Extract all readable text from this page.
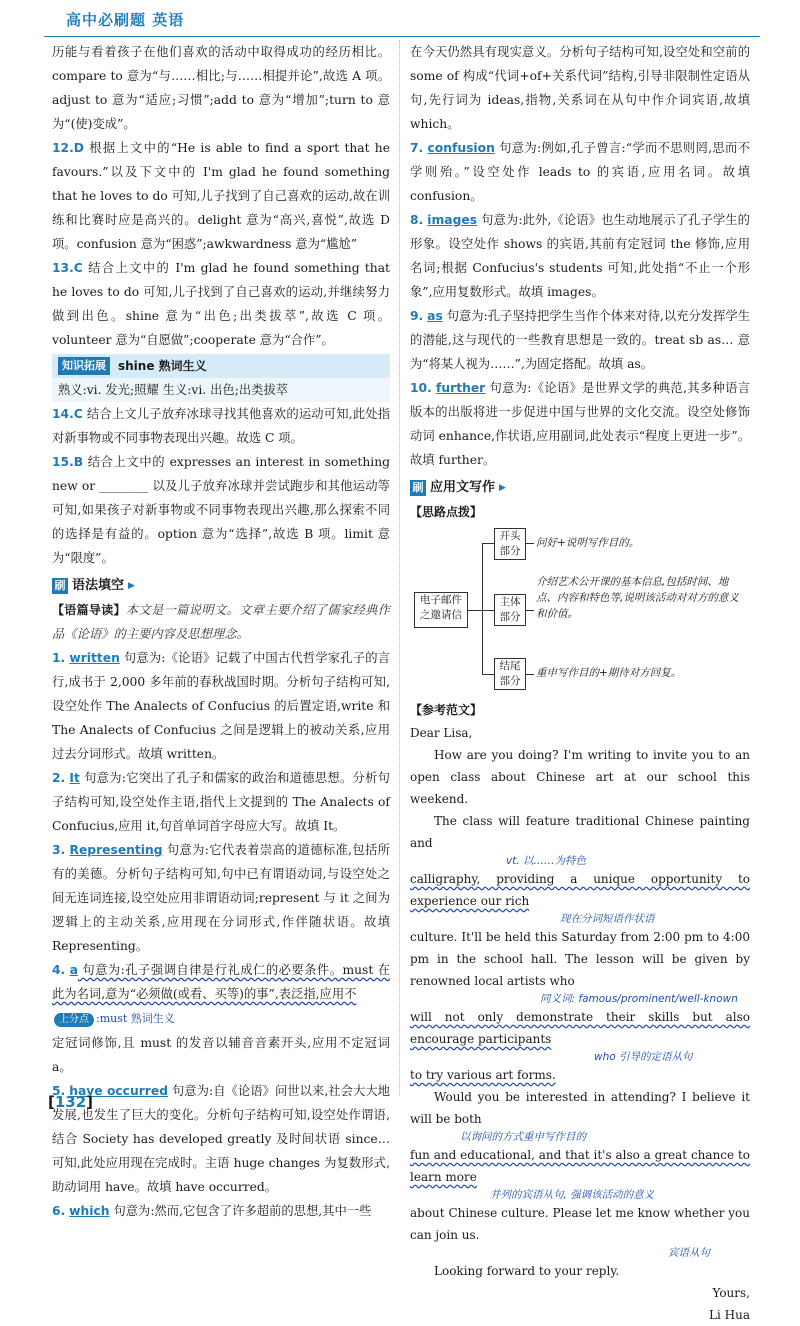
高中必刷题 英语

历能与看着孩子在他们喜欢的活动中取得成功的经历相比。compare to 意为“与……相比;与……相提并论”,故选 A 项。adjust to 意为“适应;习惯”;add to 意为“增加”;turn to 意为“(使)变成”。

12.D 根据上文中的“He is able to find a sport that he favours.”以及下文中的 I'm glad he found something that he loves to do 可知,儿子找到了自己喜欢的运动,故在训练和比赛时应是高兴的。delight 意为“高兴,喜悦”,故选 D 项。confusion 意为“困惑”;awkwardness 意为“尴尬”

13.C 结合上文中的 I'm glad he found something that he loves to do 可知,儿子找到了自己喜欢的运动,并继续努力做到出色。shine 意为“出色;出类拔萃”,故选 C 项。volunteer 意为“自愿做”;cooperate 意为“合作”。

知识拓展	shine 熟词生义

熟义:vi. 发光;照耀 生义:vi. 出色;出类拔萃

14.C 结合上文儿子放弃冰球寻找其他喜欢的运动可知,此处指对新事物或不同事物表现出兴趣。故选 C 项。

15.B 结合上文中的 expresses an interest in something new or ________ 以及儿子放弃冰球并尝试跑步和其他运动等可知,如果孩子对新事物或不同事物表现出兴趣,那么探索不同的选择是有益的。option 意为“选择”,故选 B 项。limit 意为“限度”。

刷 语法填空 ▶

【语篇导读】本文是一篇说明文。文章主要介绍了儒家经典作品《论语》的主要内容及思想理念。

1. written 句意为:《论语》记载了中国古代哲学家孔子的言行,成书于 2,000 多年前的春秋战国时期。分析句子结构可知,设空处作 The Analects of Confucius 的后置定语,write 和 The Analects of Confucius 之间是逻辑上的被动关系,应用过去分词形式。故填 written。

2. It 句意为:它突出了孔子和儒家的政治和道德思想。分析句子结构可知,设空处作主语,指代上文提到的 The Analects of Confucius,应用 it,句首单词首字母应大写。故填 It。

3. Representing 句意为:它代表着崇高的道德标准,包括所有的美德。分析句子结构可知,句中已有谓语动词,与设空处之间无连词连接,设空处应用非谓语动词;represent 与 it 之间为逻辑上的主动关系,应用现在分词形式,作伴随状语。故填 Representing。

4. a 句意为:孔子强调自律是行礼成仁的必要条件。must 在此为名词,意为“必须做(或看、买等)的事”,表泛指,应用不
上分点 :must 熟词生义
定冠词修饰,且 must 的发音以辅音音素开头,应用不定冠词 a。

5. have occurred 句意为:自《论语》问世以来,社会大大地发展,也发生了巨大的变化。分析句子结构可知,设空处作谓语,结合 Society has developed greatly 及时间状语 since… 可知,此处应用现在完成时。主语 huge changes 为复数形式,助动词用 have。故填 have occurred。

6. which 句意为:然而,它包含了许多超前的思想,其中一些

在今天仍然具有现实意义。分析句子结构可知,设空处和空前的 some of 构成“代词+of+关系代词”结构,引导非限制性定语从句,先行词为 ideas,指物,关系词在从句中作介词宾语,故填 which。

7. confusion 句意为:例如,孔子曾言:“学而不思则罔,思而不学则殆。”设空处作 leads to 的宾语,应用名词。故填 confusion。

8. images 句意为:此外,《论语》也生动地展示了孔子学生的形象。设空处作 shows 的宾语,其前有定冠词 the 修饰,应用名词;根据 Confucius's students 可知,此处指“不止一个形象”,应用复数形式。故填 images。

9. as 句意为:孔子坚持把学生当作个体来对待,以充分发挥学生的潜能,这与现代的一些教育思想是一致的。treat sb as… 意为“将某人视为……”,为固定搭配。故填 as。

10. further 句意为:《论语》是世界文学的典范,其多种语言版本的出版将进一步促进中国与世界的文化交流。设空处修饰动词 enhance,作状语,应用副词,此处表示“程度上更进一步”。故填 further。

刷 应用文写作 ▶
【思路点拨】
电子邮件之邀请信
开头部分
问好+说明写作目的。
主体部分
介绍艺术公开课的基本信息,包括时间、地点、内容和特色等,说明该活动对对方的意义和价值。
结尾部分
重申写作目的+期待对方回复。
【参考范文】

Dear Lisa,

How are you doing? I'm writing to invite you to an open class about Chinese art at our school this weekend.

The class will feature traditional Chinese painting and

vt. 以……为特色

calligraphy, providing a unique opportunity to experience our rich

现在分词短语作状语

culture. It'll be held this Saturday from 2:00 pm to 4:00 pm in the school hall. The lesson will be given by renowned local artists who

同义词: famous/prominent/well-known

will not only demonstrate their skills but also encourage participants

who 引导的定语从句

to try various art forms.

Would you be interested in attending? I believe it will be both

以询问的方式重申写作目的

fun and educational, and that it's also a great chance to learn more

并列的宾语从句, 强调该活动的意义

about Chinese culture. Please let me know whether you can join us.

宾语从句

Looking forward to your reply.

Yours,

Li Hua

[132]
